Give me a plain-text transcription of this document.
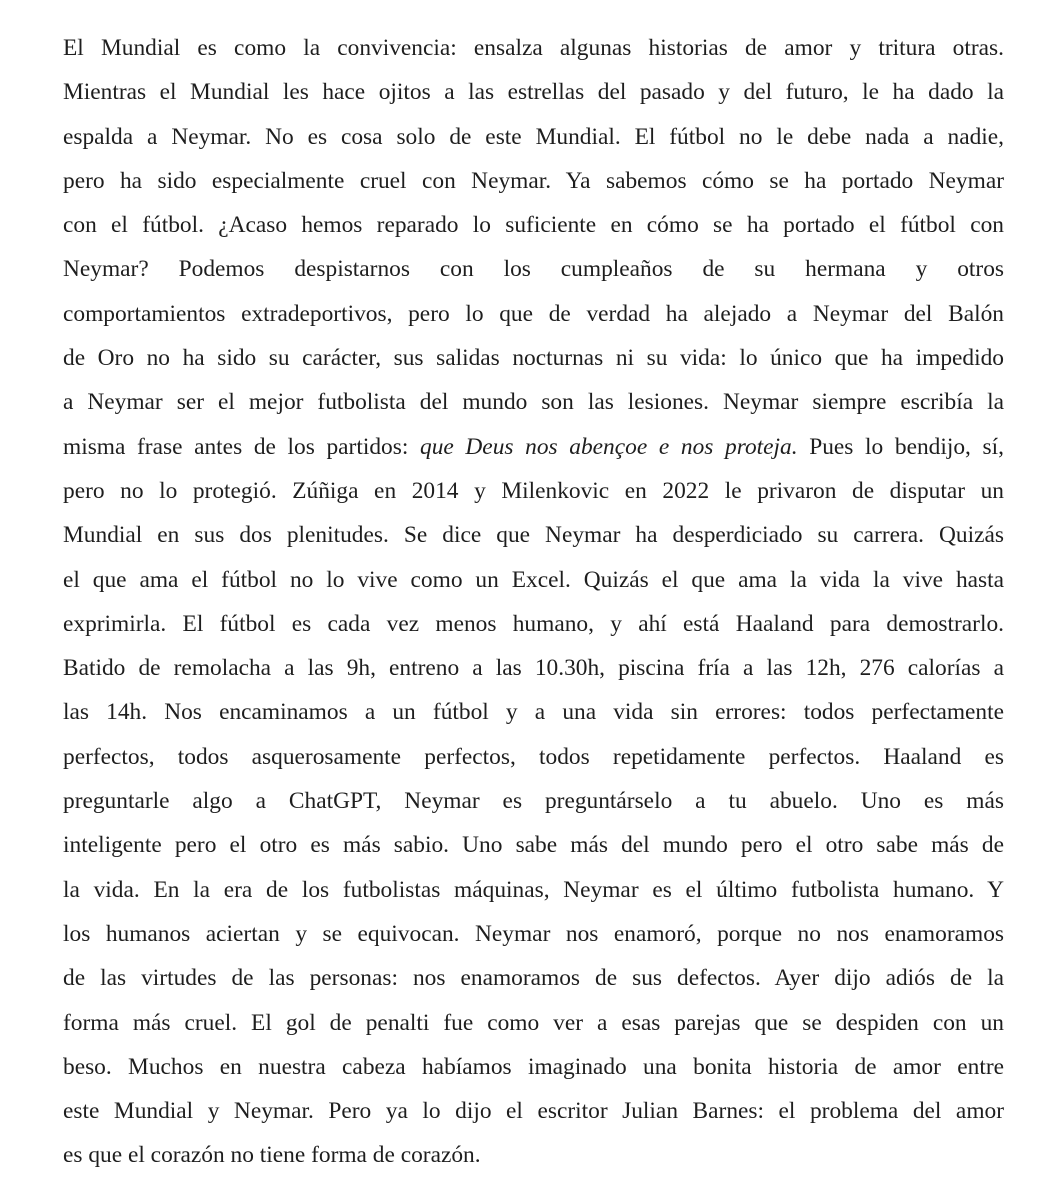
El Mundial es como la convivencia: ensalza algunas historias de amor y tritura otras.
Mientras el Mundial les hace ojitos a las estrellas del pasado y del futuro, le ha dado la
espalda a Neymar. No es cosa solo de este Mundial. El fútbol no le debe nada a nadie,
pero ha sido especialmente cruel con Neymar. Ya sabemos cómo se ha portado Neymar
con el fútbol. ¿Acaso hemos reparado lo suficiente en cómo se ha portado el fútbol con
Neymar? Podemos despistarnos con los cumpleaños de su hermana y otros
comportamientos extradeportivos, pero lo que de verdad ha alejado a Neymar del Balón
de Oro no ha sido su carácter, sus salidas nocturnas ni su vida: lo único que ha impedido
a Neymar ser el mejor futbolista del mundo son las lesiones. Neymar siempre escribía la
misma frase antes de los partidos: que Deus nos abençoe e nos proteja. Pues lo bendijo, sí,
pero no lo protegió. Zúñiga en 2014 y Milenkovic en 2022 le privaron de disputar un
Mundial en sus dos plenitudes. Se dice que Neymar ha desperdiciado su carrera. Quizás
el que ama el fútbol no lo vive como un Excel. Quizás el que ama la vida la vive hasta
exprimirla. El fútbol es cada vez menos humano, y ahí está Haaland para demostrarlo.
Batido de remolacha a las 9h, entreno a las 10.30h, piscina fría a las 12h, 276 calorías a
las 14h. Nos encaminamos a un fútbol y a una vida sin errores: todos perfectamente
perfectos, todos asquerosamente perfectos, todos repetidamente perfectos. Haaland es
preguntarle algo a ChatGPT, Neymar es preguntárselo a tu abuelo. Uno es más
inteligente pero el otro es más sabio. Uno sabe más del mundo pero el otro sabe más de
la vida. En la era de los futbolistas máquinas, Neymar es el último futbolista humano. Y
los humanos aciertan y se equivocan. Neymar nos enamoró, porque no nos enamoramos
de las virtudes de las personas: nos enamoramos de sus defectos. Ayer dijo adiós de la
forma más cruel. El gol de penalti fue como ver a esas parejas que se despiden con un
beso. Muchos en nuestra cabeza habíamos imaginado una bonita historia de amor entre
este Mundial y Neymar. Pero ya lo dijo el escritor Julian Barnes: el problema del amor
es que el corazón no tiene forma de corazón.
